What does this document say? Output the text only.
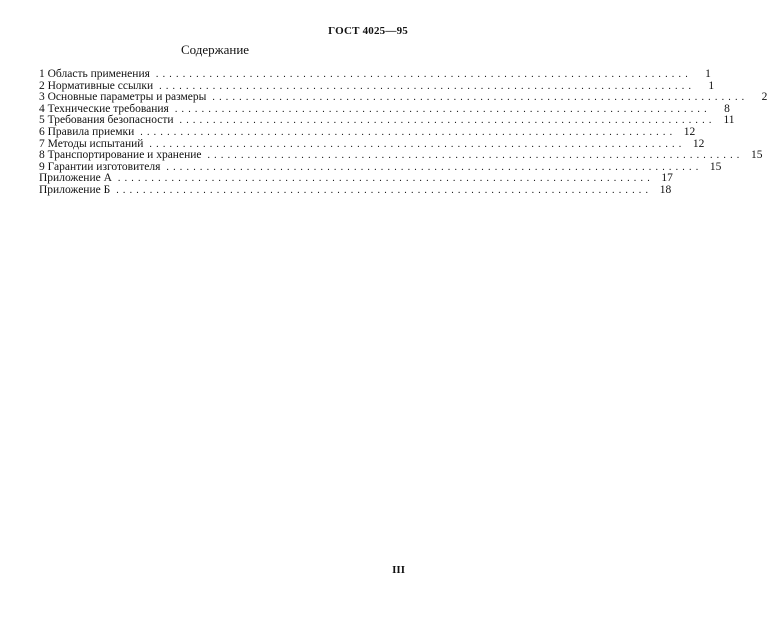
ГОСТ 4025—95
Содержание
1 Область применения ................................................................................	1
2 Нормативные ссылки ................................................................................	1
3 Основные параметры и размеры ................................................................................	2
4 Технические требования ................................................................................	8
5 Требования безопасности ................................................................................ 11
6 Правила приемки ................................................................................ 12
7 Методы испытаний ................................................................................ 12
8 Транспортирование и хранение ................................................................................ 15
9 Гарантии изготовителя ................................................................................ 15
Приложение А ................................................................................ 17
Приложение Б ................................................................................ 18
III
